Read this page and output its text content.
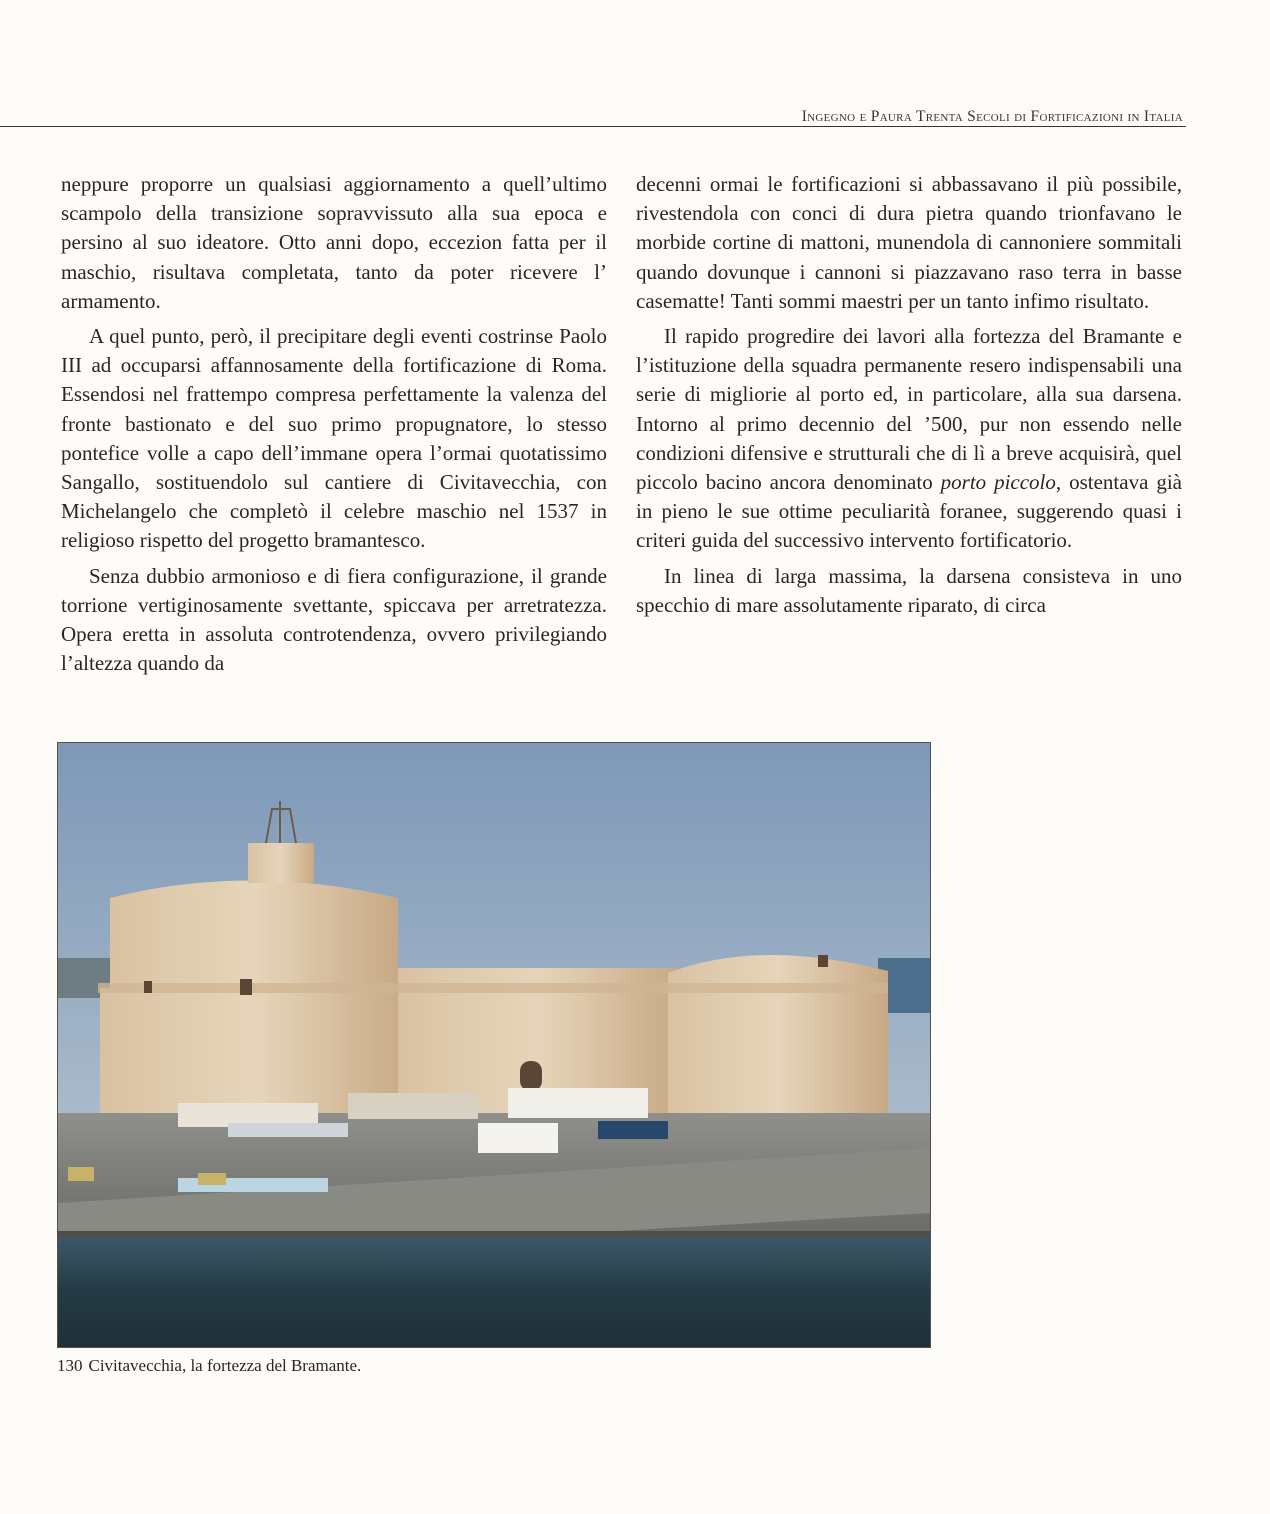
Ingegno e Paura Trenta Secoli di Fortificazioni in Italia

neppure proporre un qualsiasi aggiornamento a quell’ultimo scampolo della transizione sopravvissuto alla sua epoca e persino al suo ideatore. Otto anni dopo, eccezion fatta per il maschio, risultava completata, tanto da poter ricevere l’ armamento.

A quel punto, però, il precipitare degli eventi costrinse Paolo III ad occuparsi affannosamente della fortificazione di Roma. Essendosi nel frattempo compresa perfettamente la valenza del fronte bastionato e del suo primo propugnatore, lo stesso pontefice volle a capo dell’immane opera l’ormai quotatissimo Sangallo, sostituendolo sul cantiere di Civitavecchia, con Michelangelo che completò il celebre maschio nel 1537 in religioso rispetto del progetto bramantesco.

Senza dubbio armonioso e di fiera configurazione, il grande torrione vertiginosamente svettante, spiccava per arretratezza. Opera eretta in assoluta controtendenza, ovvero privilegiando l’altezza quando da

decenni ormai le fortificazioni si abbassavano il più possibile, rivestendola con conci di dura pietra quando trionfavano le morbide cortine di mattoni, munendola di cannoniere sommitali quando dovunque i cannoni si piazzavano raso terra in basse casematte! Tanti sommi maestri per un tanto infimo risultato.

Il rapido progredire dei lavori alla fortezza del Bramante e l’istituzione della squadra permanente resero indispensabili una serie di migliorie al porto ed, in particolare, alla sua darsena. Intorno al primo decennio del ’500, pur non essendo nelle condizioni difensive e strutturali che di lì a breve acquisirà, quel piccolo bacino ancora denominato porto piccolo, ostentava già in pieno le sue ottime peculiarità foranee, suggerendo quasi i criteri guida del successivo intervento fortificatorio.

In linea di larga massima, la darsena consisteva in uno specchio di mare assolutamente riparato, di circa

130 Civitavecchia, la fortezza del Bramante.
